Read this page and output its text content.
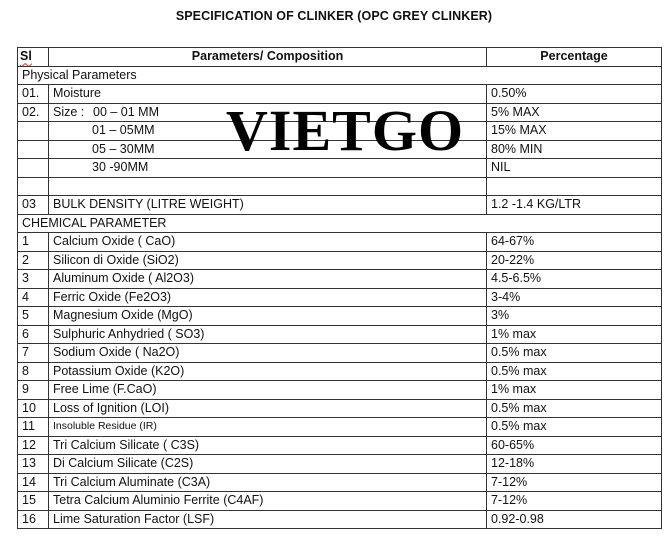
SPECIFICATION OF CLINKER (OPC GREY CLINKER)
Sl	Parameters/ Composition	Percentage
Physical Parameters		
01.	Moisture	0.50%
02.	Size : 00 – 01 MM	5% MAX
	01 – 05MM	15% MAX
	05 – 30MM	80% MIN
	30 -90MM	NIL

03	BULK DENSITY (LITRE WEIGHT)	1.2 -1.4 KG/LTR
CHEMICAL PARAMETER		
1	Calcium Oxide ( CaO)	64-67%
2	Silicon di Oxide (SiO2)	20-22%
3	Aluminum Oxide ( Al2O3)	4.5-6.5%
4	Ferric Oxide (Fe2O3)	3-4%
5	Magnesium Oxide (MgO)	3%
6	Sulphuric Anhydried ( SO3)	1% max
7	Sodium Oxide ( Na2O)	0.5% max
8	Potassium Oxide (K2O)	0.5% max
9	Free Lime (F.CaO)	1% max
10	Loss of Ignition (LOI)	0.5% max
11	Insoluble Residue (IR)	0.5% max
12	Tri Calcium Silicate ( C3S)	60-65%
13	Di Calcium Silicate (C2S)	12-18%
14	Tri Calcium Aluminate (C3A)	7-12%
15	Tetra Calcium Aluminio Ferrite (C4AF)	7-12%
16	Lime Saturation Factor (LSF)	0.92-0.98
VIETGO
